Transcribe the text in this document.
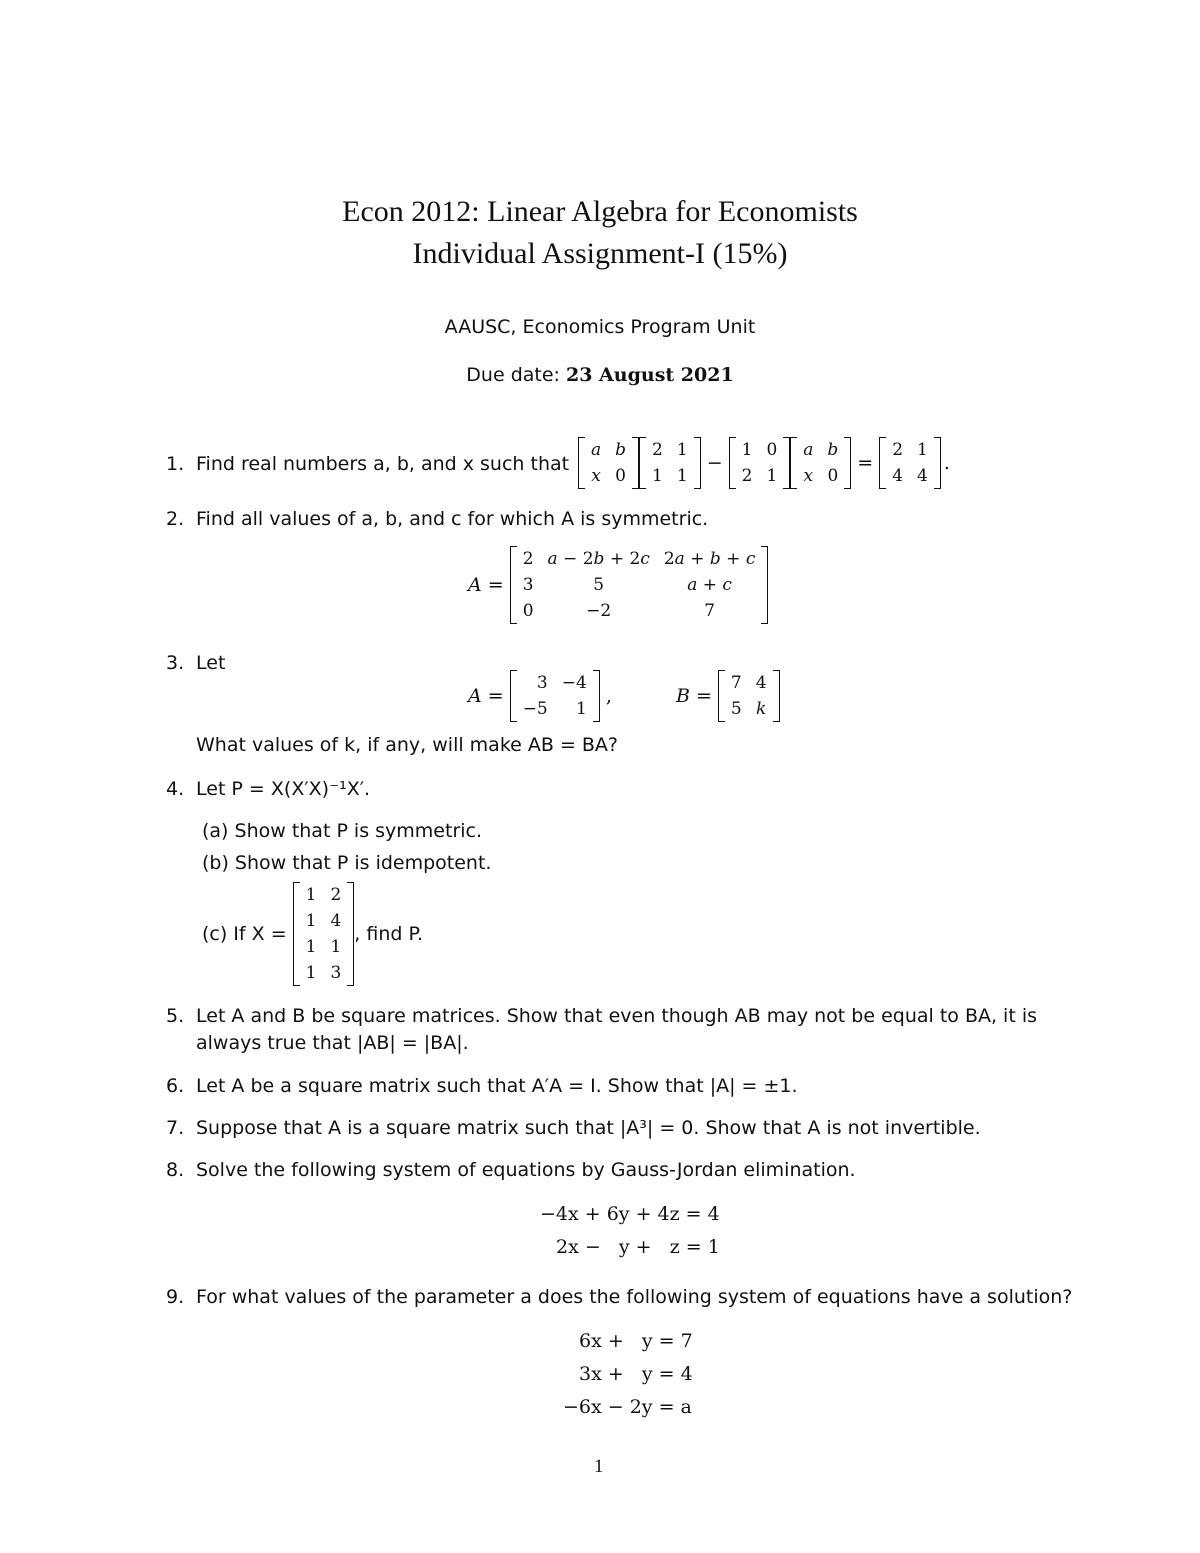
Econ 2012: Linear Algebra for Economists
Individual Assignment-I (15%)
AAUSC, Economics Program Unit
Due date: 23 August 2021
1. Find real numbers a, b, and x such that
a	b
x	0
2	1
1	1
−
1	0
2	1
a	b
x	0
=
2	1
4	4
.
2. Find all values of a, b, and c for which A is symmetric.
A =
2	a − 2b + 2c	2a + b + c
3	5	a + c
0	−2	7
3. Let
A =
3	−4
−5	1
,	B =
7	4
5	k
What values of k, if any, will make AB = BA?
4. Let P = X(X′X)⁻¹X′.
(a) Show that P is symmetric.
(b) Show that P is idempotent.
(c) If X =
1	2
1	4
1	1
1	3
, find P.
5. Let A and B be square matrices. Show that even though AB may not be equal to BA, it is
always true that |AB| = |BA|.
6. Let A be a square matrix such that A′A = I. Show that |A| = ±1.
7. Suppose that A is a square matrix such that |A³| = 0. Show that A is not invertible.
8. Solve the following system of equations by Gauss-Jordan elimination.
−4x + 6y + 4z = 4
2x −   y +   z = 1
9. For what values of the parameter a does the following system of equations have a solution?
6x +   y = 7
3x +   y = 4
−6x − 2y = a
1
